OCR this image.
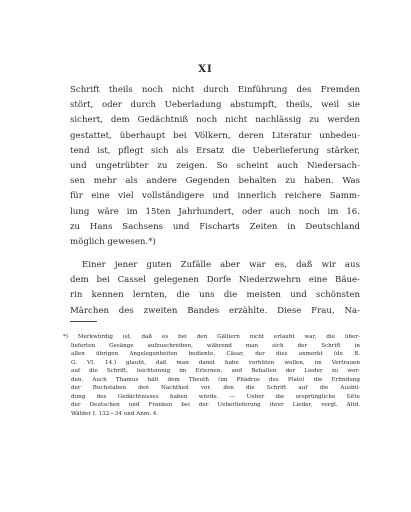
XI
Schrift theils noch nicht durch Einführung des Fremden
stört, oder durch Ueberladung abstumpft, theils, weil sie
sichert, dem Gedächtniß noch nicht nachlässig zu werden
gestattet, überhaupt bei Völkern, deren Literatur unbedeu-
tend ist, pflegt sich als Ersatz die Ueberlieferung stärker,
und ungetrübter zu zeigen. So scheint auch Niedersach-
sen mehr als andere Gegenden behalten zu haben. Was
für eine viel vollständigere und innerlich reichere Samm-
lung wäre im 15ten Jahrhundert, oder auch noch im 16.
zu Hans Sachsens und Fischarts Zeiten in Deutschland
möglich gewesen.*)
Einer jener guten Zufälle aber war es, daß wir aus
dem bei Cassel gelegenen Dorfe Niederzwehrn eine Bäue-
rin kennen lernten, die uns die meisten und schönsten
Märchen des zweiten Bandes erzählte. Diese Frau, Na-
*) Merkwürdig ist, daß es bei den Gälliern nicht erlaubt war, die über-
lieferten Gesänge aufzuschreiben, während man sich der Schrift in
allen übrigen Angelegenheiten bediente. Cäsar, der dies anmerkt (de B.
G. VI. 14.) glaubt, daß man damit habe verhüten wollen, im Vertrauen
auf die Schrift, leichtsinnig im Erlernen, und Behalten der Lieder zu wer-
den. Auch Thamus hält dem Theuth (im Phädrus des Plato) die Erfindung
der Buchstaben den Nachtheil vor, den die Schrift auf die Ausbil-
dung des Gedächtnisses haben würde. — Ueber die ursprüngliche Sitte
der Deutschen und Franken bei der Ueberlieferung ihrer Lieder, vergl. Altd.
Wälder I. 132—34 und Anm. 4.
